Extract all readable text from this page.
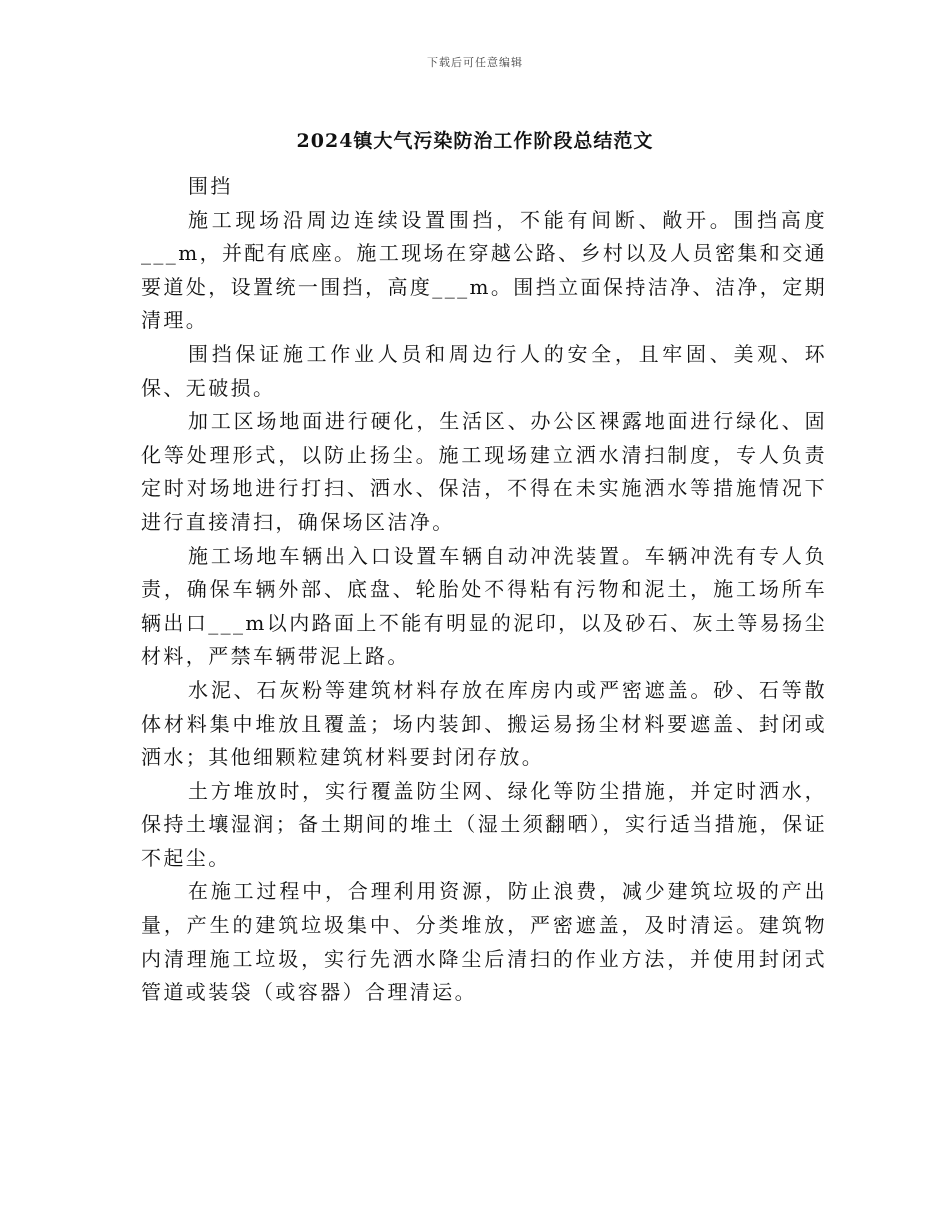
下载后可任意编辑
2024镇大气污染防治工作阶段总结范文

围挡

施工现场沿周边连续设置围挡，不能有间断、敞开。围挡高度___m，并配有底座。施工现场在穿越公路、乡村以及人员密集和交通要道处，设置统一围挡，高度___m。围挡立面保持洁净、洁净，定期清理。

围挡保证施工作业人员和周边行人的安全，且牢固、美观、环保、无破损。

加工区场地面进行硬化，生活区、办公区裸露地面进行绿化、固化等处理形式，以防止扬尘。施工现场建立洒水清扫制度，专人负责定时对场地进行打扫、洒水、保洁，不得在未实施洒水等措施情况下进行直接清扫，确保场区洁净。

施工场地车辆出入口设置车辆自动冲洗装置。车辆冲洗有专人负责，确保车辆外部、底盘、轮胎处不得粘有污物和泥土，施工场所车辆出口___m以内路面上不能有明显的泥印，以及砂石、灰土等易扬尘材料，严禁车辆带泥上路。

水泥、石灰粉等建筑材料存放在库房内或严密遮盖。砂、石等散体材料集中堆放且覆盖；场内装卸、搬运易扬尘材料要遮盖、封闭或洒水；其他细颗粒建筑材料要封闭存放。

土方堆放时，实行覆盖防尘网、绿化等防尘措施，并定时洒水，保持土壤湿润；备土期间的堆土（湿土须翻晒），实行适当措施，保证不起尘。

在施工过程中，合理利用资源，防止浪费，减少建筑垃圾的产出量，产生的建筑垃圾集中、分类堆放，严密遮盖，及时清运。建筑物内清理施工垃圾，实行先洒水降尘后清扫的作业方法，并使用封闭式管道或装袋（或容器）合理清运。
